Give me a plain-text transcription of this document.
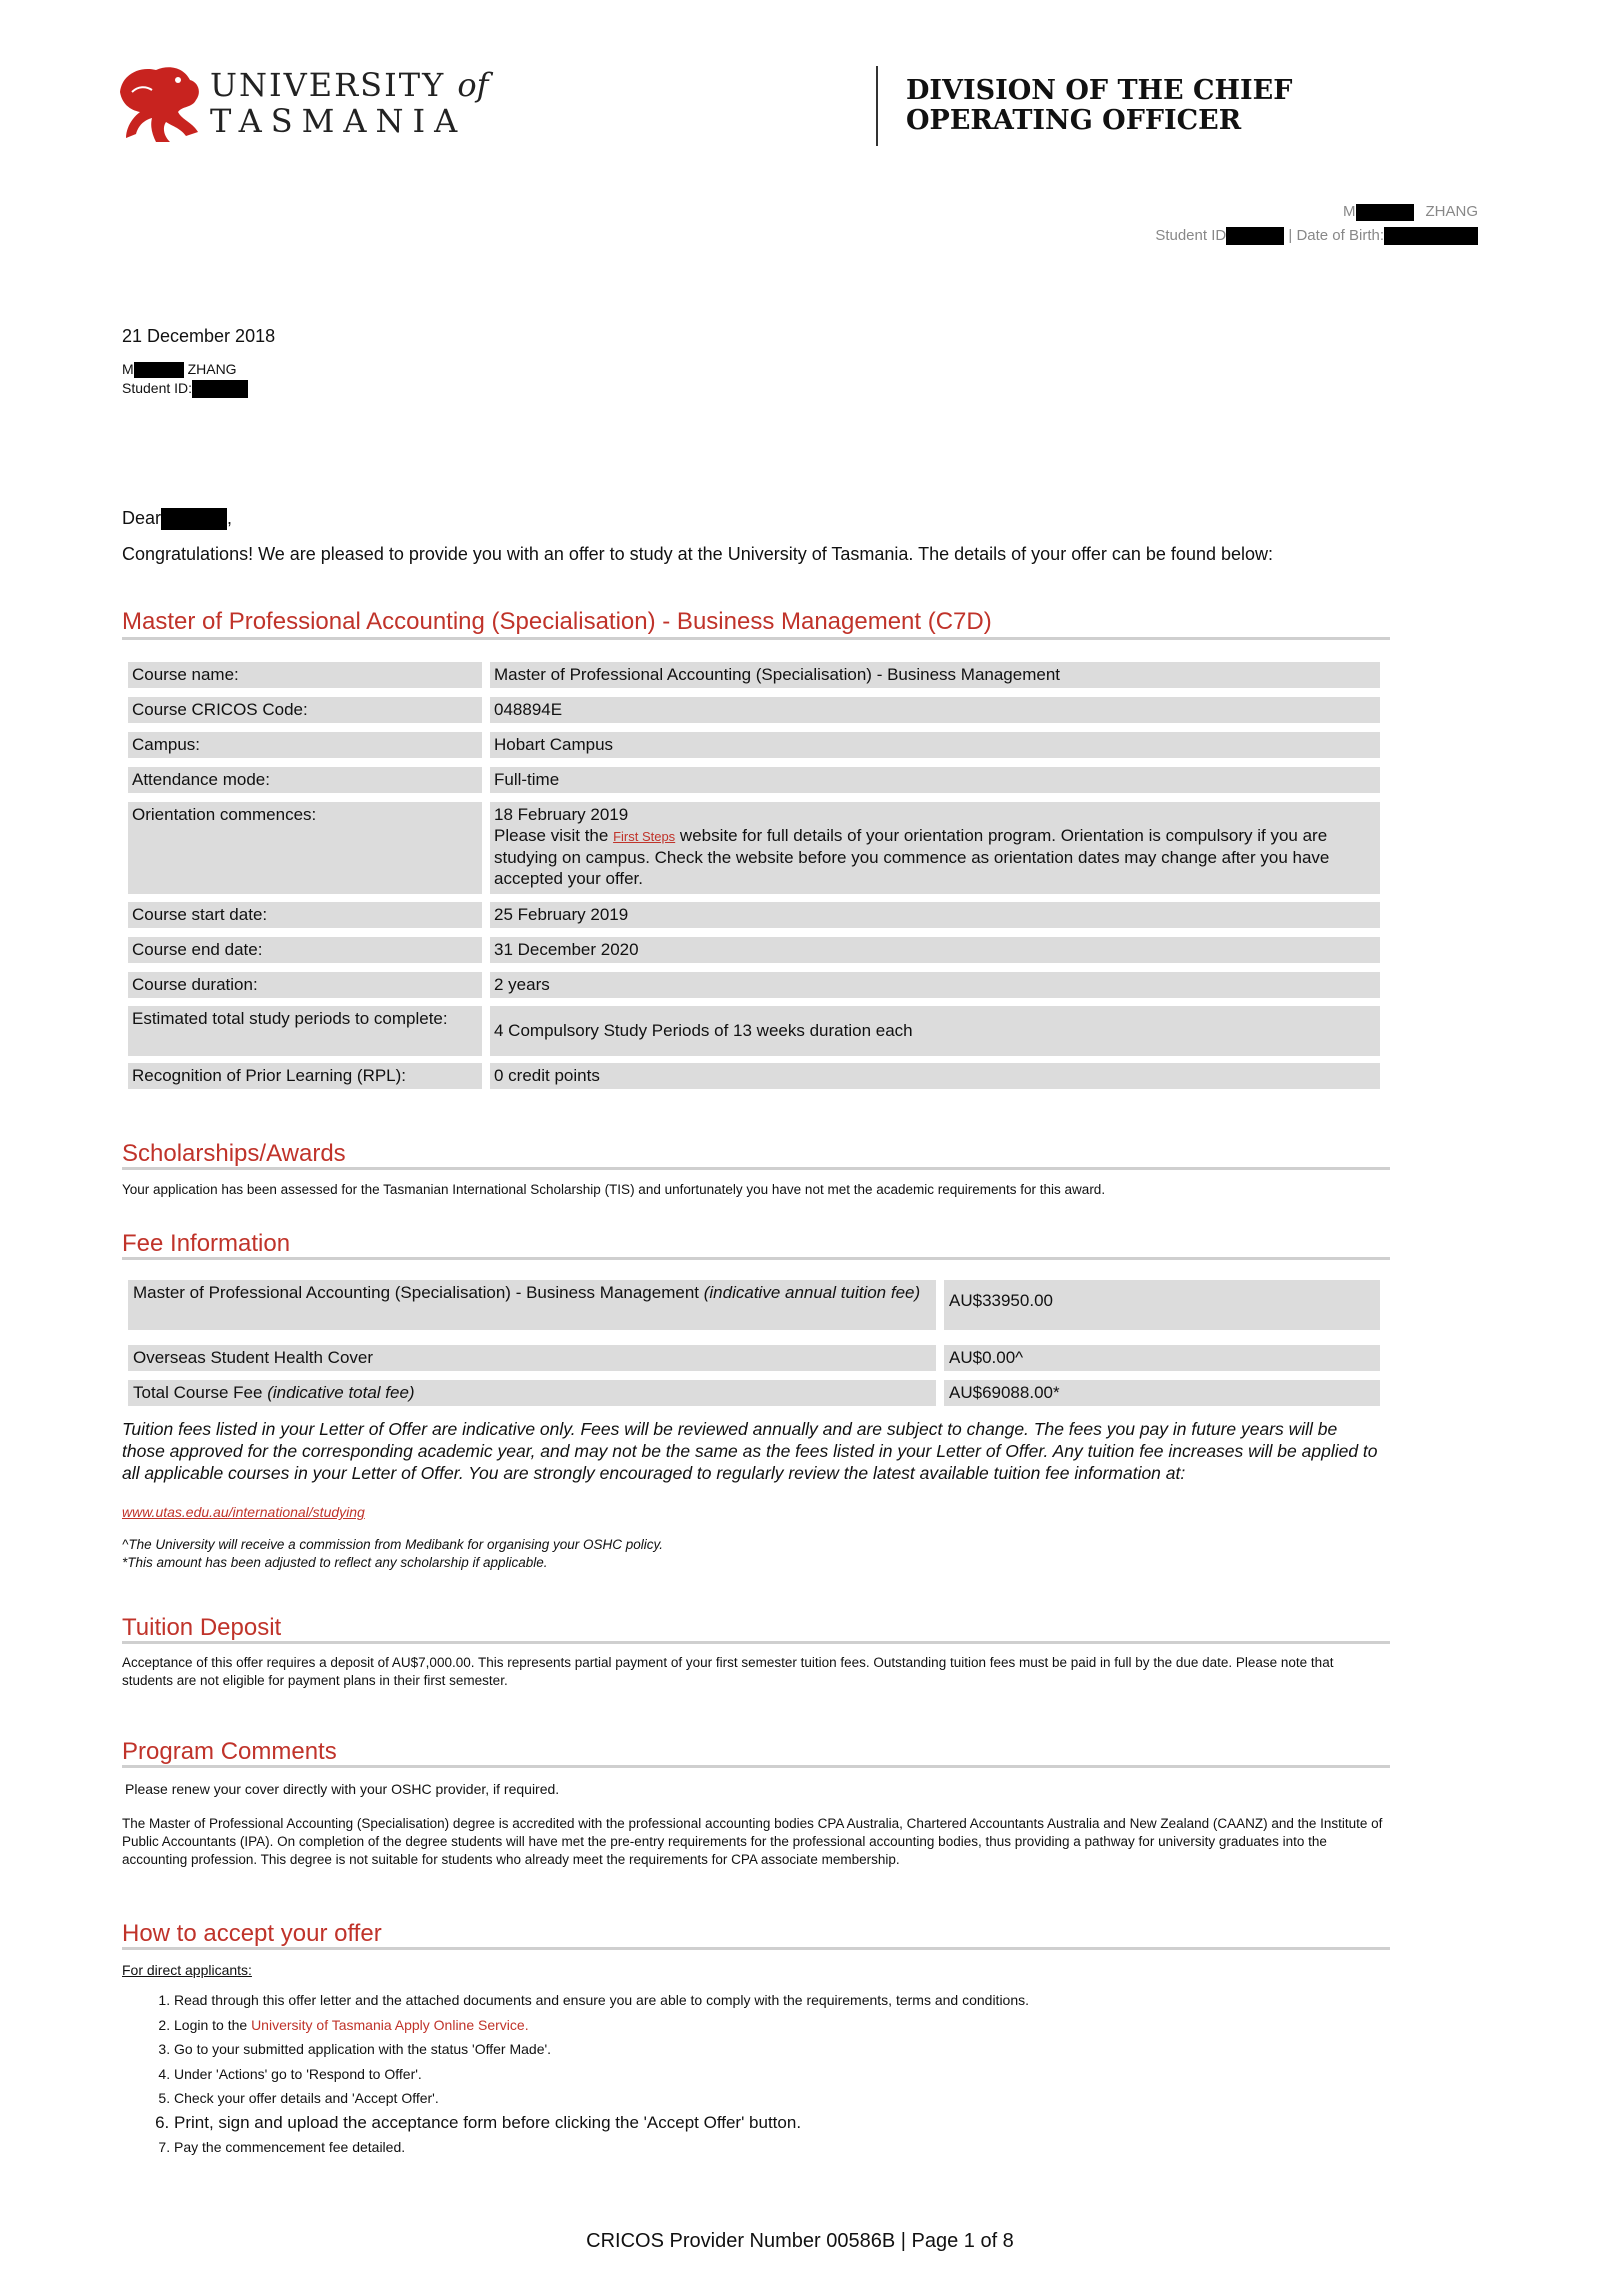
UNIVERSITY of
TASMANIA
DIVISION OF THE CHIEF
OPERATING OFFICER
M	ZHANG
Student ID	| Date of Birth:
21 December 2018
M	ZHANG
Student ID:
Dear	,
Congratulations! We are pleased to provide you with an offer to study at the University of Tasmania. The details of your offer can be found below:
Master of Professional Accounting (Specialisation) - Business Management (C7D)
Course name:	Master of Professional Accounting (Specialisation) - Business Management
Course CRICOS Code:	048894E
Campus:	Hobart Campus
Attendance mode:	Full-time
Orientation commences:	18 February 2019
Please visit the First Steps website for full details of your orientation program. Orientation is compulsory if you are studying on campus. Check the website before you commence as orientation dates may change after you have accepted your offer.
Course start date:	25 February 2019
Course end date:	31 December 2020
Course duration:	2 years
Estimated total study periods to complete:
4 Compulsory Study Periods of 13 weeks duration each
Recognition of Prior Learning (RPL):	0 credit points
Scholarships/Awards
Your application has been assessed for the Tasmanian International Scholarship (TIS) and unfortunately you have not met the academic requirements for this award.
Fee Information
Master of Professional Accounting (Specialisation) - Business Management (indicative annual tuition fee)	AU$33950.00
Overseas Student Health Cover	AU$0.00^
Total Course Fee (indicative total fee)	AU$69088.00*
Tuition fees listed in your Letter of Offer are indicative only. Fees will be reviewed annually and are subject to change. The fees you pay in future years will be those approved for the corresponding academic year, and may not be the same as the fees listed in your Letter of Offer. Any tuition fee increases will be applied to all applicable courses in your Letter of Offer. You are strongly encouraged to regularly review the latest available tuition fee information at:
www.utas.edu.au/international/studying
^The University will receive a commission from Medibank for organising your OSHC policy.
*This amount has been adjusted to reflect any scholarship if applicable.
Tuition Deposit
Acceptance of this offer requires a deposit of AU$7,000.00. This represents partial payment of your first semester tuition fees. Outstanding tuition fees must be paid in full by the due date. Please note that students are not eligible for payment plans in their first semester.
Program Comments
Please renew your cover directly with your OSHC provider, if required.
The Master of Professional Accounting (Specialisation) degree is accredited with the professional accounting bodies CPA Australia, Chartered Accountants Australia and New Zealand (CAANZ) and the Institute of Public Accountants (IPA). On completion of the degree students will have met the pre-entry requirements for the professional accounting bodies, thus providing a pathway for university graduates into the accounting profession. This degree is not suitable for students who already meet the requirements for CPA associate membership.
How to accept your offer
For direct applicants:
1. Read through this offer letter and the attached documents and ensure you are able to comply with the requirements, terms and conditions.
2. Login to the University of Tasmania Apply Online Service.
3. Go to your submitted application with the status 'Offer Made'.
4. Under 'Actions' go to 'Respond to Offer'.
5. Check your offer details and 'Accept Offer'.
6. Print, sign and upload the acceptance form before clicking the 'Accept Offer' button.
7. Pay the commencement fee detailed.
CRICOS Provider Number 00586B | Page 1 of 8
